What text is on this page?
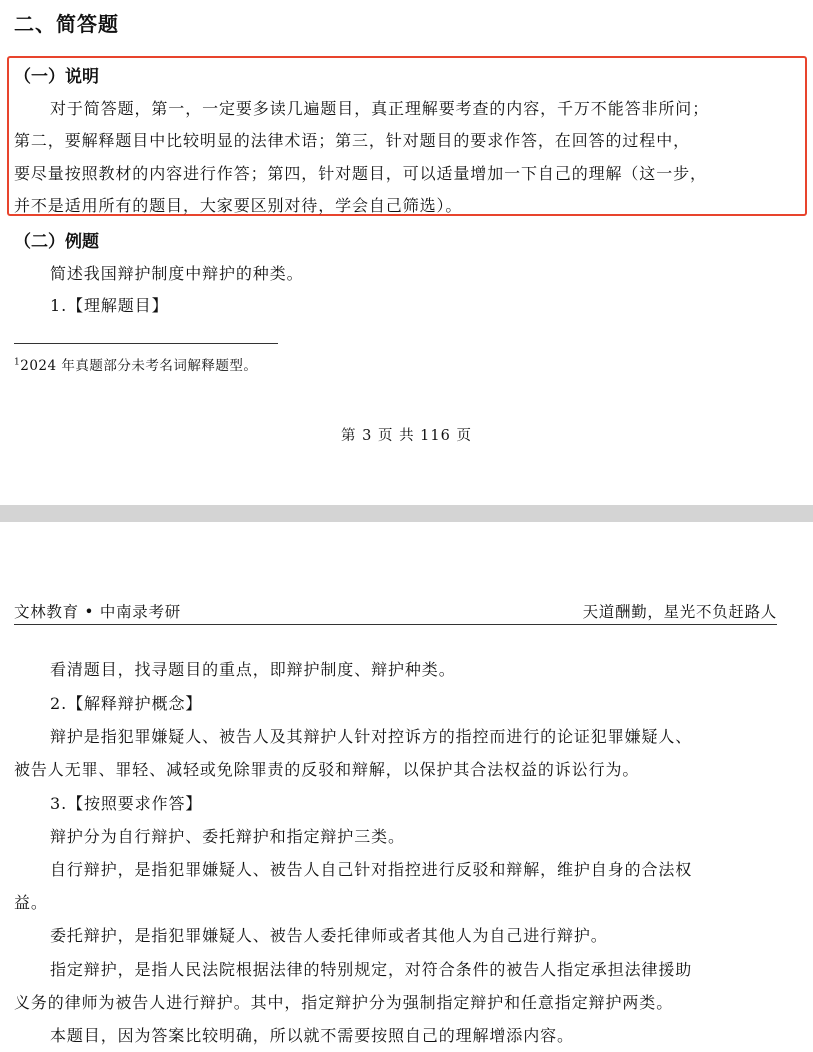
二、简答题
（一）说明
对于简答题，第一，一定要多读几遍题目，真正理解要考查的内容，千万不能答非所问；
第二，要解释题目中比较明显的法律术语；第三，针对题目的要求作答，在回答的过程中，
要尽量按照教材的内容进行作答；第四，针对题目，可以适量增加一下自己的理解（这一步，
并不是适用所有的题目，大家要区别对待，学会自己筛选）。
（二）例题
简述我国辩护制度中辩护的种类。
1.【理解题目】
$^1$2024 年真题部分未考名词解释题型。
第 3 页 共 116 页
文林教育 • 中南录考研	天道酬勤，星光不负赶路人
看清题目，找寻题目的重点，即辩护制度、辩护种类。
2.【解释辩护概念】
辩护是指犯罪嫌疑人、被告人及其辩护人针对控诉方的指控而进行的论证犯罪嫌疑人、
被告人无罪、罪轻、减轻或免除罪责的反驳和辩解，以保护其合法权益的诉讼行为。
3.【按照要求作答】
辩护分为自行辩护、委托辩护和指定辩护三类。
自行辩护，是指犯罪嫌疑人、被告人自己针对指控进行反驳和辩解，维护自身的合法权
益。
委托辩护，是指犯罪嫌疑人、被告人委托律师或者其他人为自己进行辩护。
指定辩护，是指人民法院根据法律的特别规定，对符合条件的被告人指定承担法律援助
义务的律师为被告人进行辩护。其中，指定辩护分为强制指定辩护和任意指定辩护两类。
本题目，因为答案比较明确，所以就不需要按照自己的理解增添内容。
